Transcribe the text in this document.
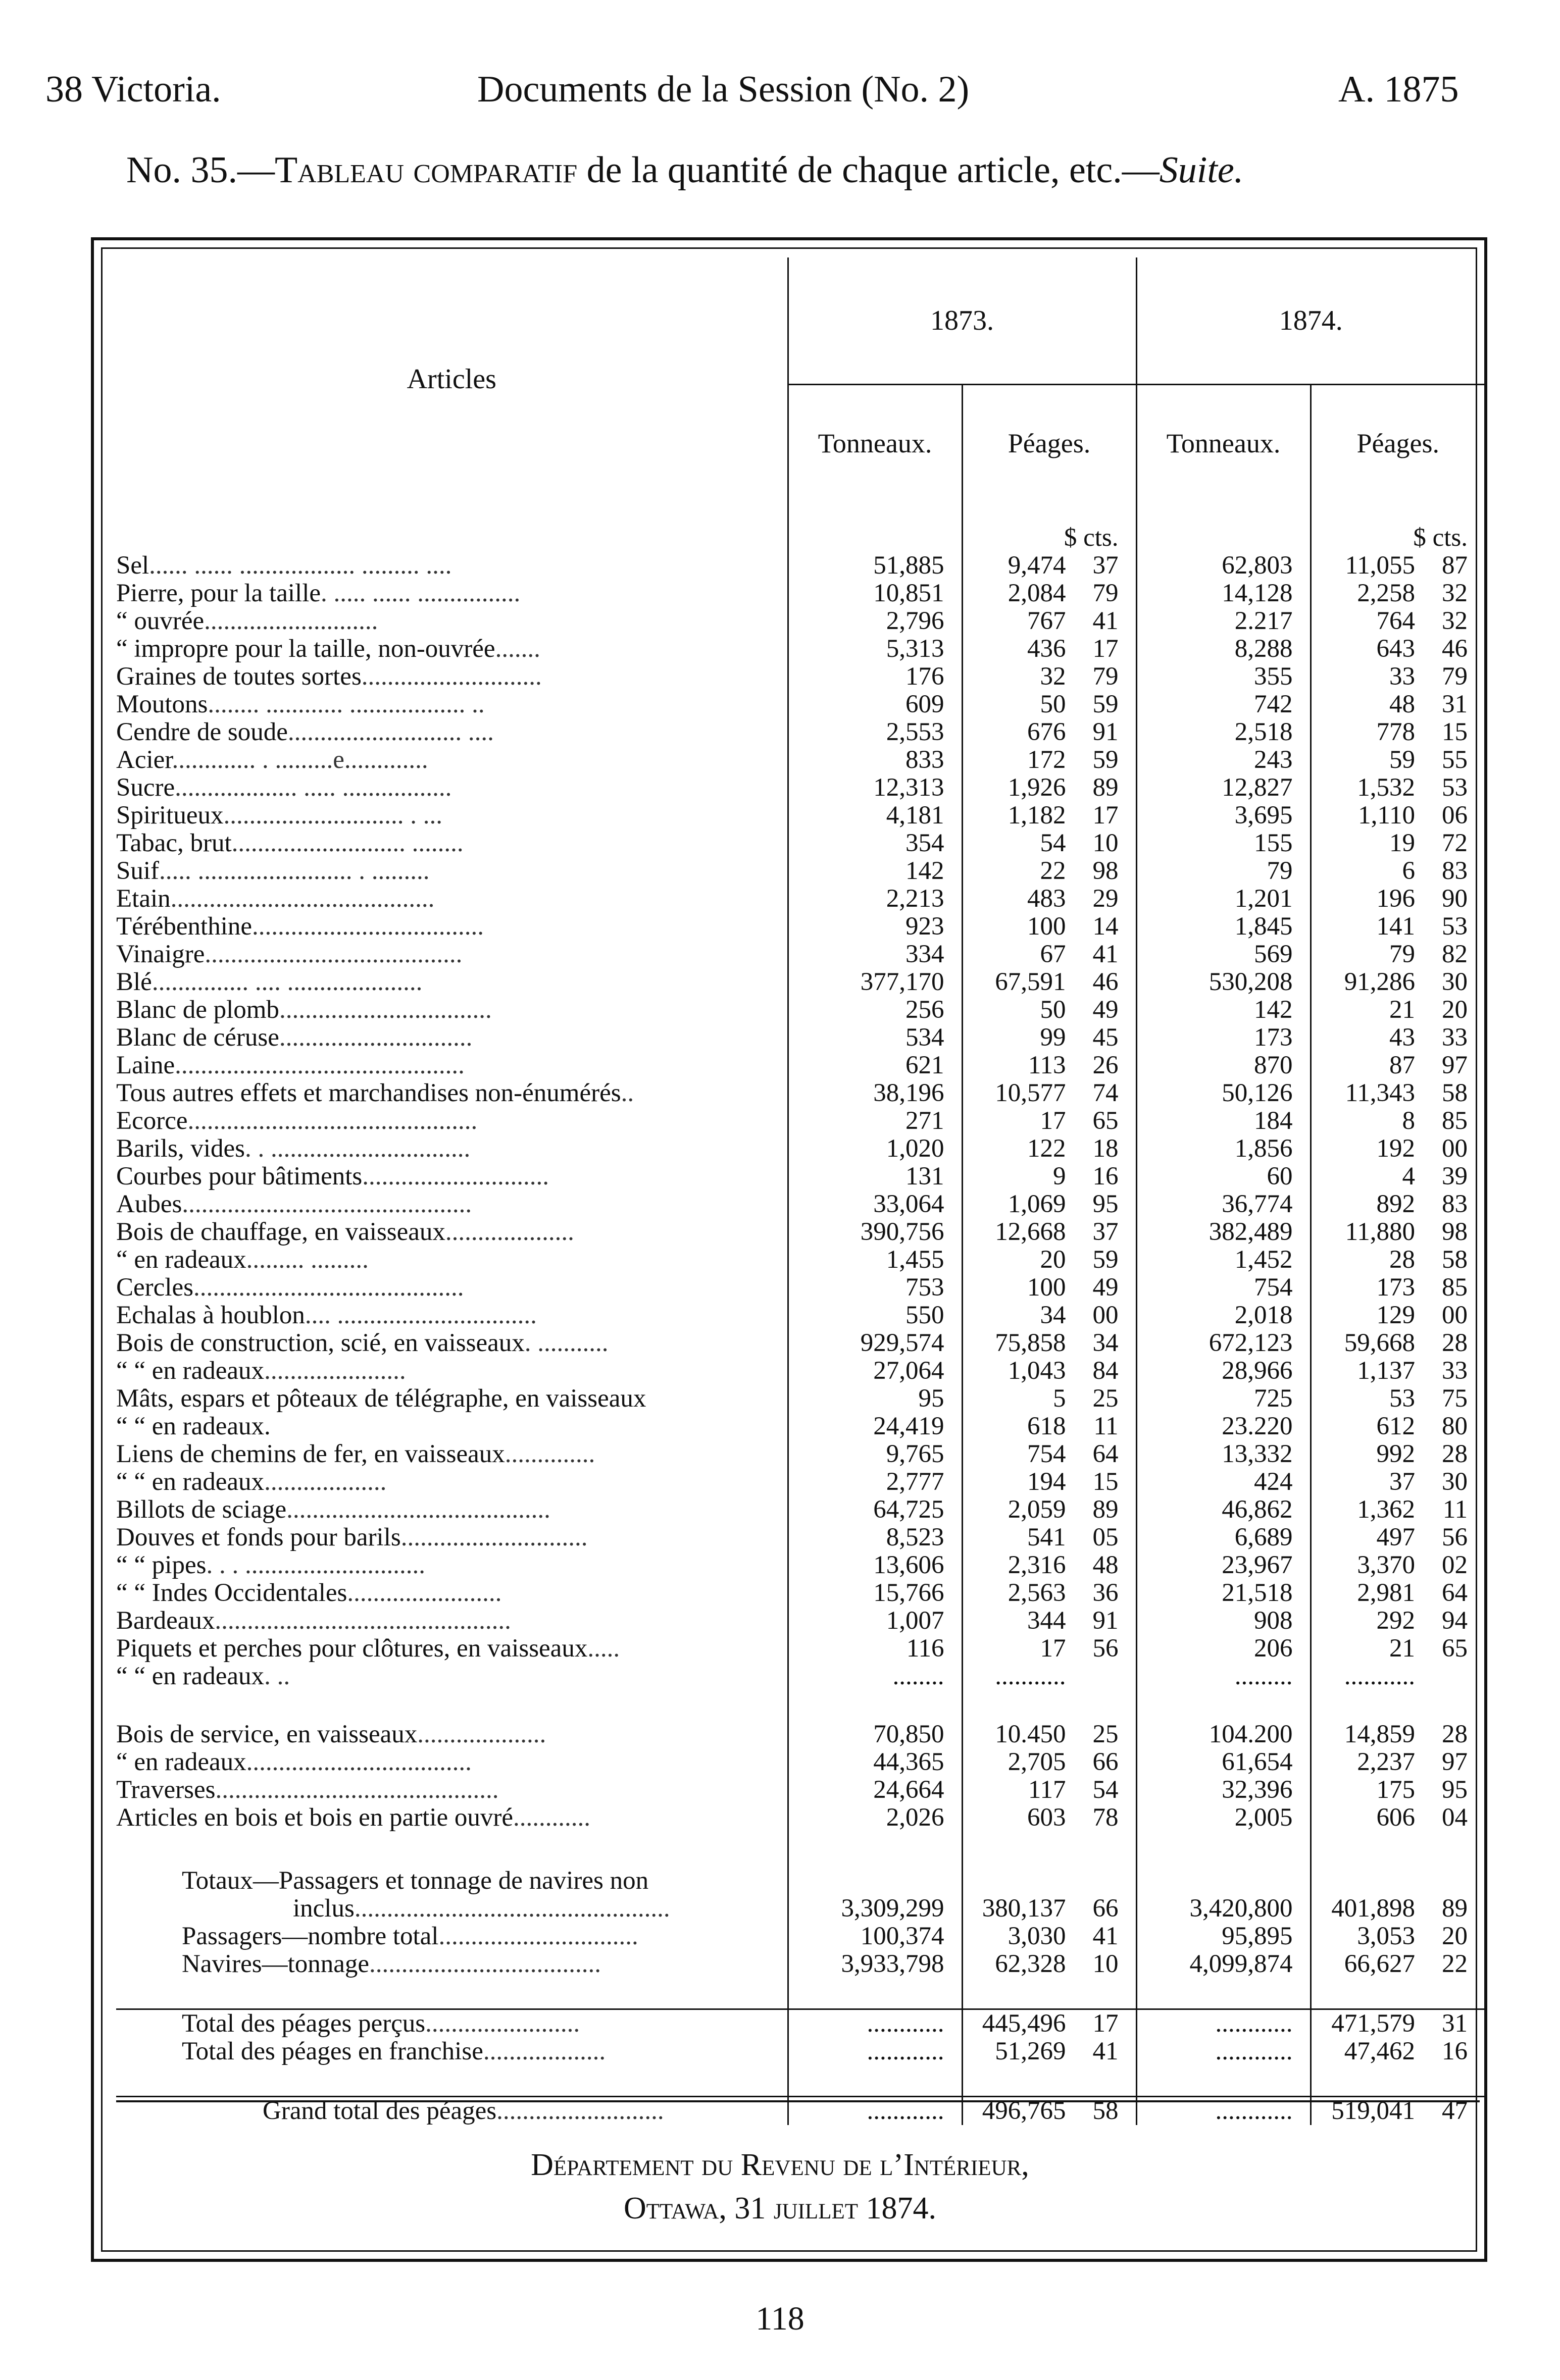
38 Victoria.	Documents de la Session (No. 2)	A. 1875
No. 35.—Tableau comparatif de la quantité de chaque article, etc.—Suite.
Articles	1873.		1874.	
	Tonneaux.	Péages.	Tonneaux.	Péages.
		$ cts.		$ cts.
Sel...... ...... .................. ......... ....	51,885	9,474 37	62,803	11,055 87
Pierre, pour la taille. ..... ...... ................	10,851	2,084 79	14,128	2,258 32
“ ouvrée...........................	2,796	767 41	2.217	764 32
“ impropre pour la taille, non-ouvrée.......	5,313	436 17	8,288	643 46
Graines de toutes sortes............................	176	32 79	355	33 79
Moutons........ ............ .................. ..	609	50 59	742	48 31
Cendre de soude........................... ....	2,553	676 91	2,518	778 15
Acier............. . .........e.............	833	172 59	243	59 55
Sucre................... ..... .................	12,313	1,926 89	12,827	1,532 53
Spiritueux............................ . ...	4,181	1,182 17	3,695	1,110 06
Tabac, brut........................... ........	354	54 10	155	19 72
Suif..... ........................ . .........	142	22 98	79	6 83
Etain.........................................	2,213	483 29	1,201	196 90
Térébenthine....................................	923	100 14	1,845	141 53
Vinaigre........................................	334	67 41	569	79 82
Blé............... .... .....................	377,170	67,591 46	530,208	91,286 30
Blanc de plomb.................................	256	50 49	142	21 20
Blanc de céruse..............................	534	99 45	173	43 33
Laine.............................................	621	113 26	870	87 97
Tous autres effets et marchandises non-énumérés..	38,196	10,577 74	50,126	11,343 58
Ecorce.............................................	271	17 65	184	8 85
Barils, vides. . ...............................	1,020	122 18	1,856	192 00
Courbes pour bâtiments.............................	131	9 16	60	4 39
Aubes.............................................	33,064	1,069 95	36,774	892 83
Bois de chauffage, en vaisseaux....................	390,756	12,668 37	382,489	11,880 98
“ en radeaux......... .........	1,455	20 59	1,452	28 58
Cercles..........................................	753	100 49	754	173 85
Echalas à houblon.... ...............................	550	34 00	2,018	129 00
Bois de construction, scié, en vaisseaux. ...........	929,574	75,858 34	672,123	59,668 28
“ “ en radeaux......................	27,064	1,043 84	28,966	1,137 33
Mâts, espars et pôteaux de télégraphe, en vaisseaux	95	5 25	725	53 75
“ “ en radeaux.	24,419	618 11	23.220	612 80
Liens de chemins de fer, en vaisseaux..............	9,765	754 64	13,332	992 28
“ “ en radeaux...................	2,777	194 15	424	37 30
Billots de sciage.........................................	64,725	2,059 89	46,862	1,362 11
Douves et fonds pour barils.............................	8,523	541 05	6,689	497 56
“ “ pipes. . . ............................	13,606	2,316 48	23,967	3,370 02
“ “ Indes Occidentales........................	15,766	2,563 36	21,518	2,981 64
Bardeaux..............................................	1,007	344 91	908	292 94
Piquets et perches pour clôtures, en vaisseaux.....	116	17 56	206	21 65
“ “ en radeaux. ..	........	...........	.........	...........

Bois de service, en vaisseaux....................	70,850	10.450 25	104.200	14,859 28
“ en radeaux...................................	44,365	2,705 66	61,654	2,237 97
Traverses............................................	24,664	117 54	32,396	175 95
Articles en bois et bois en partie ouvré............	2,026	603 78	2,005	606 04

Totaux—Passagers et tonnage de navires non				
inclus.................................................	3,309,299	380,137 66	3,420,800	401,898 89
Passagers—nombre total...............................	100,374	3,030 41	95,895	3,053 20
Navires—tonnage....................................	3,933,798	62,328 10	4,099,874	66,627 22

Total des péages perçus........................	............	445,496 17	............	471,579 31
Total des péages en franchise...................	............	51,269 41	............	47,462 16

Grand total des péages..........................	............	496,765 58	............	519,041 47
Département du Revenu de l’Intérieur,
Ottawa, 31 juillet 1874.
118
